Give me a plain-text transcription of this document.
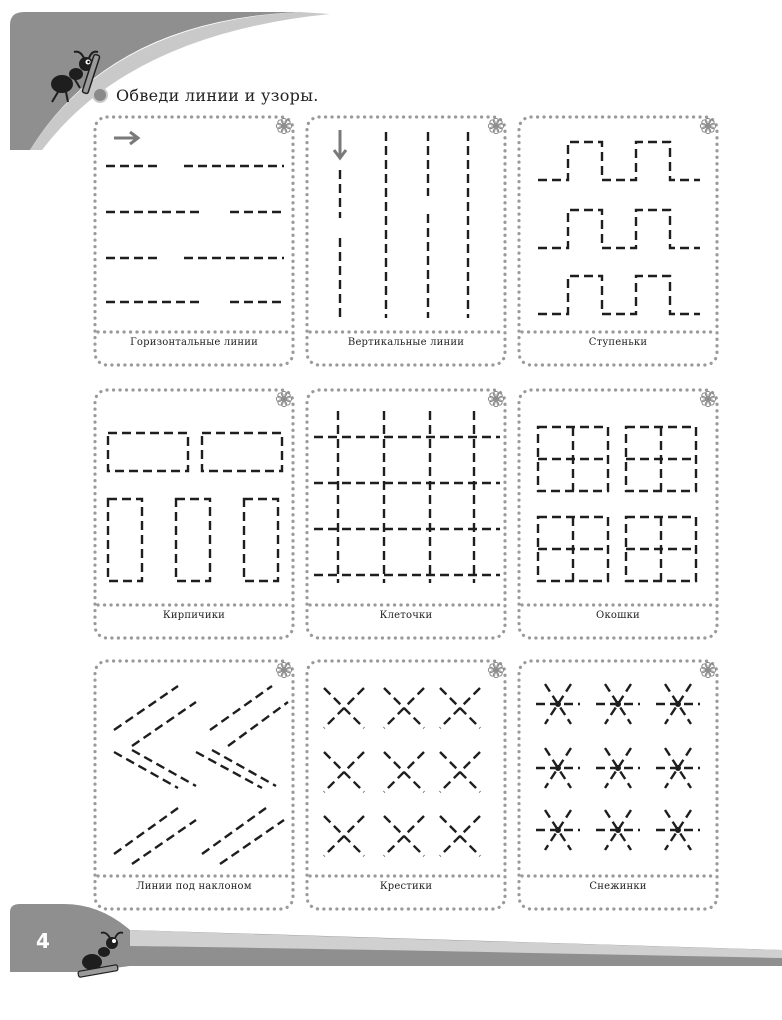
Обведи линии и узоры.
Горизонтальные линии	Вертикальные линии	Ступеньки
Кирпичики	Клеточки	Окошки
Линии под наклоном	Крестики	Снежинки
4
